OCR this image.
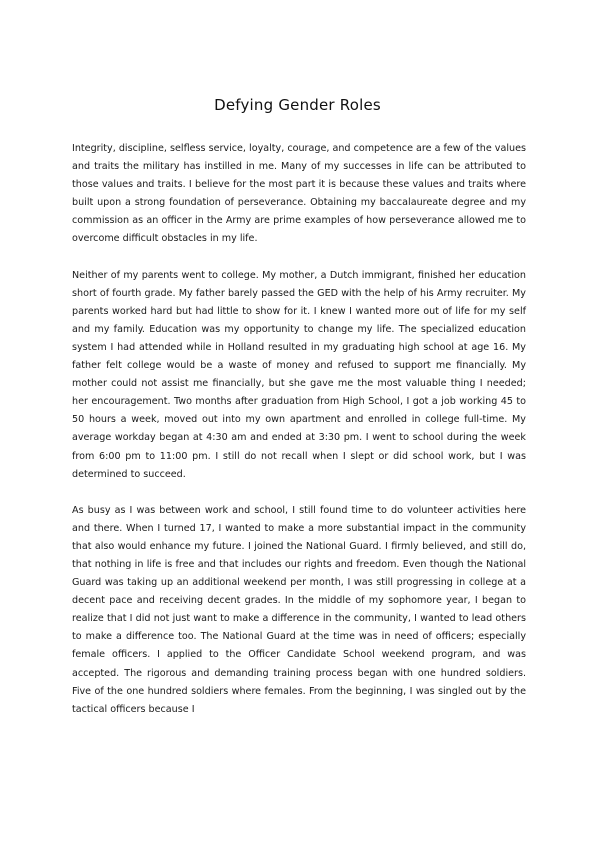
Defying Gender Roles

Integrity, discipline, selfless service, loyalty, courage, and competence are a few of the values and traits the military has instilled in me. Many of my successes in life can be attributed to those values and traits. I believe for the most part it is because these values and traits where built upon a strong foundation of perseverance. Obtaining my baccalaureate degree and my commission as an officer in the Army are prime examples of how perseverance allowed me to overcome difficult obstacles in my life.

Neither of my parents went to college. My mother, a Dutch immigrant, finished her education short of fourth grade. My father barely passed the GED with the help of his Army recruiter. My parents worked hard but had little to show for it. I knew I wanted more out of life for my self and my family. Education was my opportunity to change my life. The specialized education system I had attended while in Holland resulted in my graduating high school at age 16. My father felt college would be a waste of money and refused to support me financially. My mother could not assist me financially, but she gave me the most valuable thing I needed; her encouragement. Two months after graduation from High School, I got a job working 45 to 50 hours a week, moved out into my own apartment and enrolled in college full-time. My average workday began at 4:30 am and ended at 3:30 pm. I went to school during the week from 6:00 pm to 11:00 pm. I still do not recall when I slept or did school work, but I was determined to succeed.

As busy as I was between work and school, I still found time to do volunteer activities here and there. When I turned 17, I wanted to make a more substantial impact in the community that also would enhance my future. I joined the National Guard. I firmly believed, and still do, that nothing in life is free and that includes our rights and freedom. Even though the National Guard was taking up an additional weekend per month, I was still progressing in college at a decent pace and receiving decent grades. In the middle of my sophomore year, I began to realize that I did not just want to make a difference in the community, I wanted to lead others to make a difference too. The National Guard at the time was in need of officers; especially female officers. I applied to the Officer Candidate School weekend program, and was accepted. The rigorous and demanding training process began with one hundred soldiers. Five of the one hundred soldiers where females. From the beginning, I was singled out by the tactical officers because I
